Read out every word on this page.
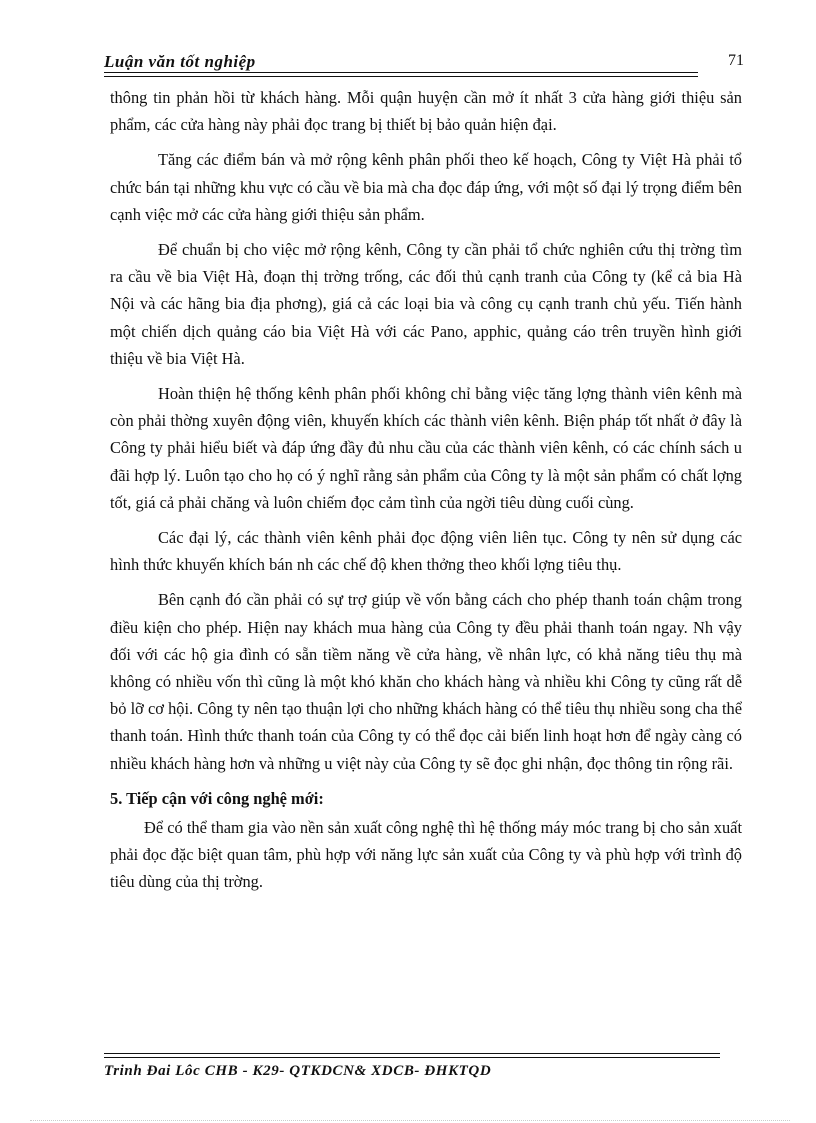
Luận văn tốt nghiệp	71

thông tin phản hồi từ khách hàng. Mỗi quận huyện cần mở ít nhất 3 cửa hàng giới thiệu sản phẩm, các cửa hàng này phải đọc trang bị thiết bị bảo quản hiện đại.

Tăng các điểm bán và mở rộng kênh phân phối theo kế hoạch, Công ty Việt Hà phải tổ chức bán tại những khu vực có cầu về bia mà cha đọc đáp ứng, với một số đại lý trọng điểm bên cạnh việc mở các cửa hàng giới thiệu sản phẩm.

Để chuẩn bị cho việc mở rộng kênh, Công ty cần phải tổ chức nghiên cứu thị trờng tìm ra cầu về bia Việt Hà, đoạn thị trờng trống, các đối thủ cạnh tranh của Công ty (kể cả bia Hà Nội và các hãng bia địa phơng), giá cả các loại bia và công cụ cạnh tranh chủ yếu. Tiến hành một chiến dịch quảng cáo bia Việt Hà với các Pano, apphic, quảng cáo trên truyền hình giới thiệu về bia Việt Hà.

Hoàn thiện hệ thống kênh phân phối không chỉ bằng việc tăng lợng thành viên kênh mà còn phải thờng xuyên động viên, khuyến khích các thành viên kênh. Biện pháp tốt nhất ở đây là Công ty phải hiểu biết và đáp ứng đầy đủ nhu cầu của các thành viên kênh, có các chính sách u đãi hợp lý. Luôn tạo cho họ có ý nghĩ rằng sản phẩm của Công ty là một sản phẩm có chất lợng tốt, giá cả phải chăng và luôn chiếm đọc cảm tình của ngời tiêu dùng cuối cùng.

Các đại lý, các thành viên kênh phải đọc động viên liên tục. Công ty nên sử dụng các hình thức khuyến khích bán nh các chế độ khen thởng theo khối lợng tiêu thụ.

Bên cạnh đó cần phải có sự trợ giúp về vốn bằng cách cho phép thanh toán chậm trong điều kiện cho phép. Hiện nay khách mua hàng của Công ty đều phải thanh toán ngay. Nh vậy đối với các hộ gia đình có sẵn tiềm năng về cửa hàng, về nhân lực, có khả năng tiêu thụ mà không có nhiều vốn thì cũng là một khó khăn cho khách hàng và nhiều khi Công ty cũng rất dễ bỏ lỡ cơ hội. Công ty nên tạo thuận lợi cho những khách hàng có thể tiêu thụ nhiều song cha thể thanh toán. Hình thức thanh toán của Công ty có thể đọc cải biến linh hoạt hơn để ngày càng có nhiều khách hàng hơn và những u việt này của Công ty sẽ đọc ghi nhận, đọc thông tin rộng rãi.

5. Tiếp cận với công nghệ mới:

Để có thể tham gia vào nền sản xuất công nghệ thì hệ thống máy móc trang bị cho sản xuất phải đọc đặc biệt quan tâm, phù hợp với năng lực sản xuất của Công ty và phù hợp với trình độ tiêu dùng của thị trờng.

Trinh Đai Lôc CHB - K29- QTKDCN& XDCB- ĐHKTQD
